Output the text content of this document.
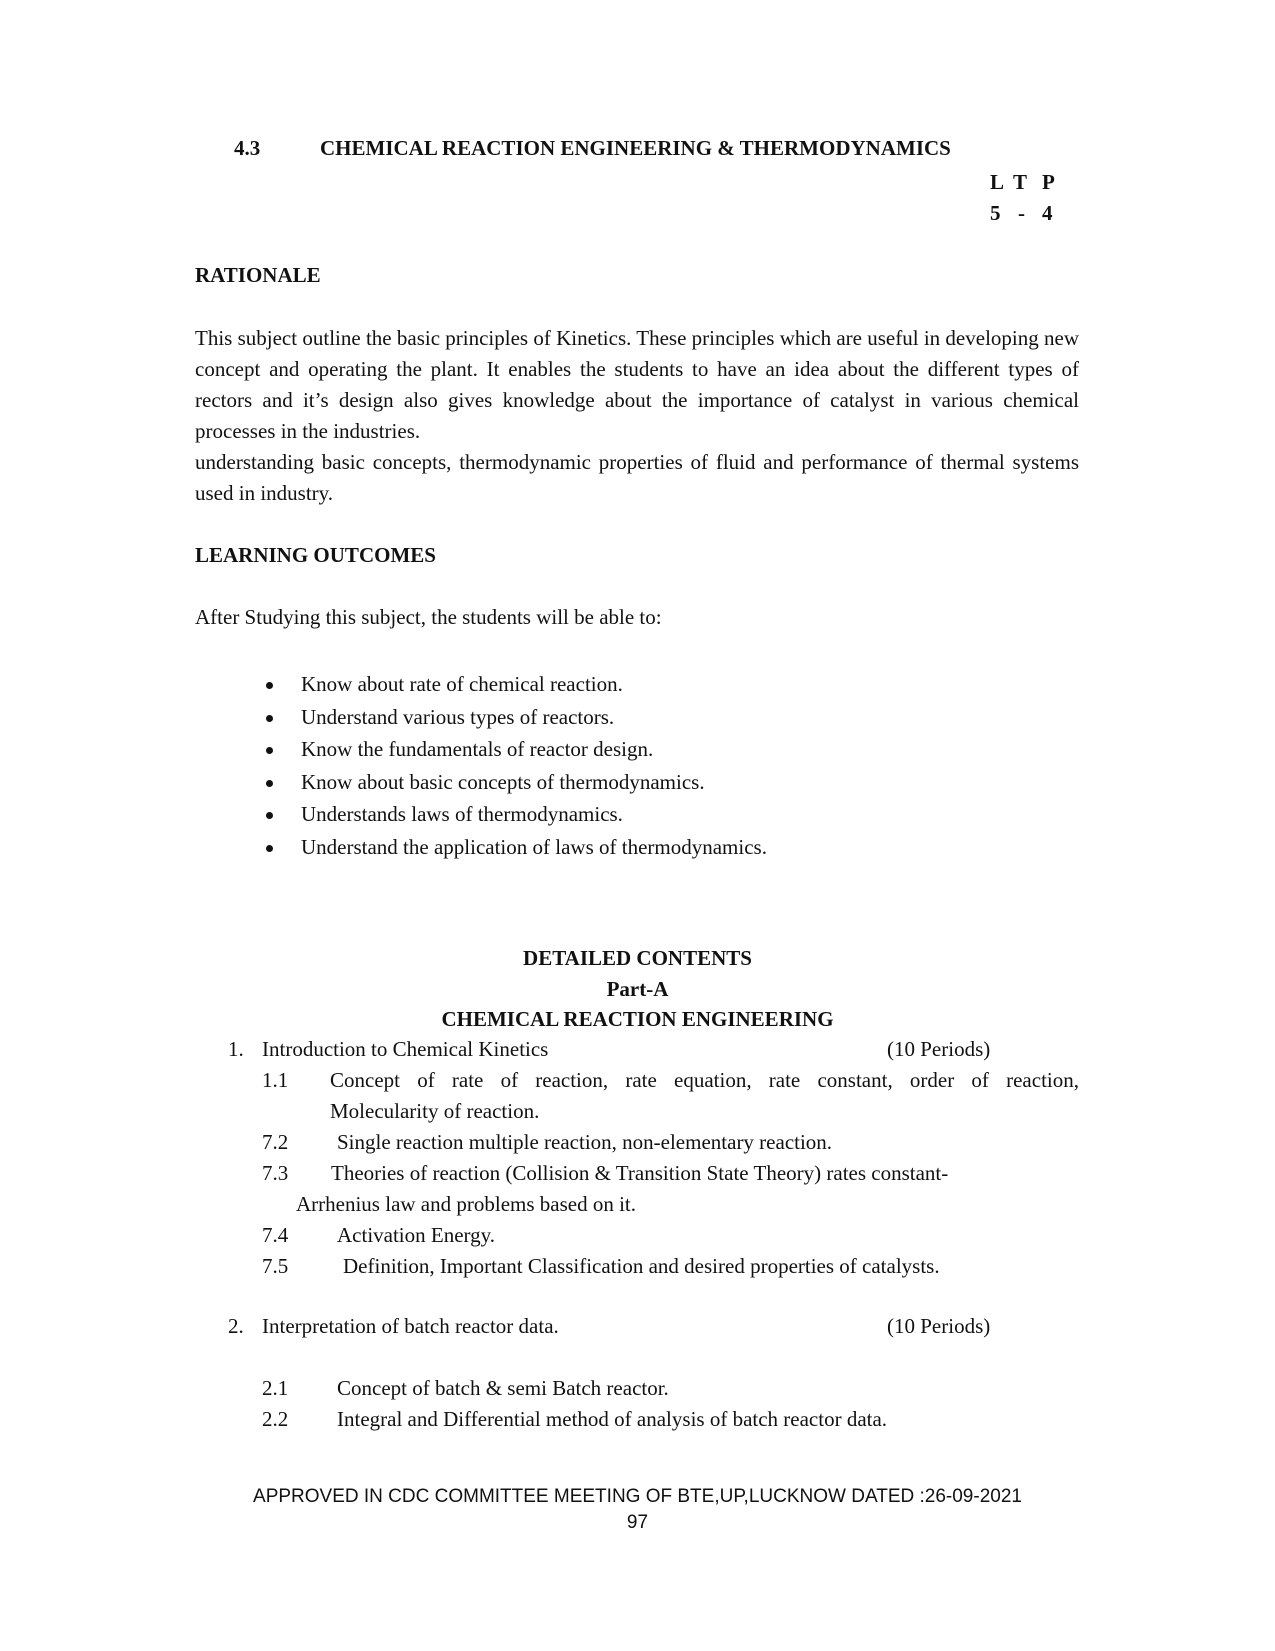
4.3	CHEMICAL REACTION ENGINEERING & THERMODYNAMICS
L T P
5 - 4
RATIONALE

This subject outline the basic principles of Kinetics. These principles which are useful in developing new concept and operating the plant. It enables the students to have an idea about the different types of rectors and it’s design also gives knowledge about the importance of catalyst in various chemical processes in the industries.

understanding basic concepts, thermodynamic properties of fluid and performance of thermal systems used in industry.

LEARNING OUTCOMES
After Studying this subject, the students will be able to:
Know about rate of chemical reaction.
Understand various types of reactors.
Know the fundamentals of reactor design.
Know about basic concepts of thermodynamics.
Understands laws of thermodynamics.
Understand the application of laws of thermodynamics.
DETAILED CONTENTS
Part-A
CHEMICAL REACTION ENGINEERING
1. Introduction to Chemical Kinetics	(10 Periods)
1.1 Concept of rate of reaction, rate equation, rate constant, order of reaction,
Molecularity of reaction.
7.2 Single reaction multiple reaction, non-elementary reaction.
7.3 Theories of reaction (Collision & Transition State Theory) rates constant-
Arrhenius law and problems based on it.
7.4 Activation Energy.
7.5	Definition, Important Classification and desired properties of catalysts.
2. Interpretation of batch reactor data.	(10 Periods)
2.1 Concept of batch & semi Batch reactor.
2.2 Integral and Differential method of analysis of batch reactor data.
APPROVED IN CDC COMMITTEE MEETING OF BTE,UP,LUCKNOW DATED :26-09-2021
97
